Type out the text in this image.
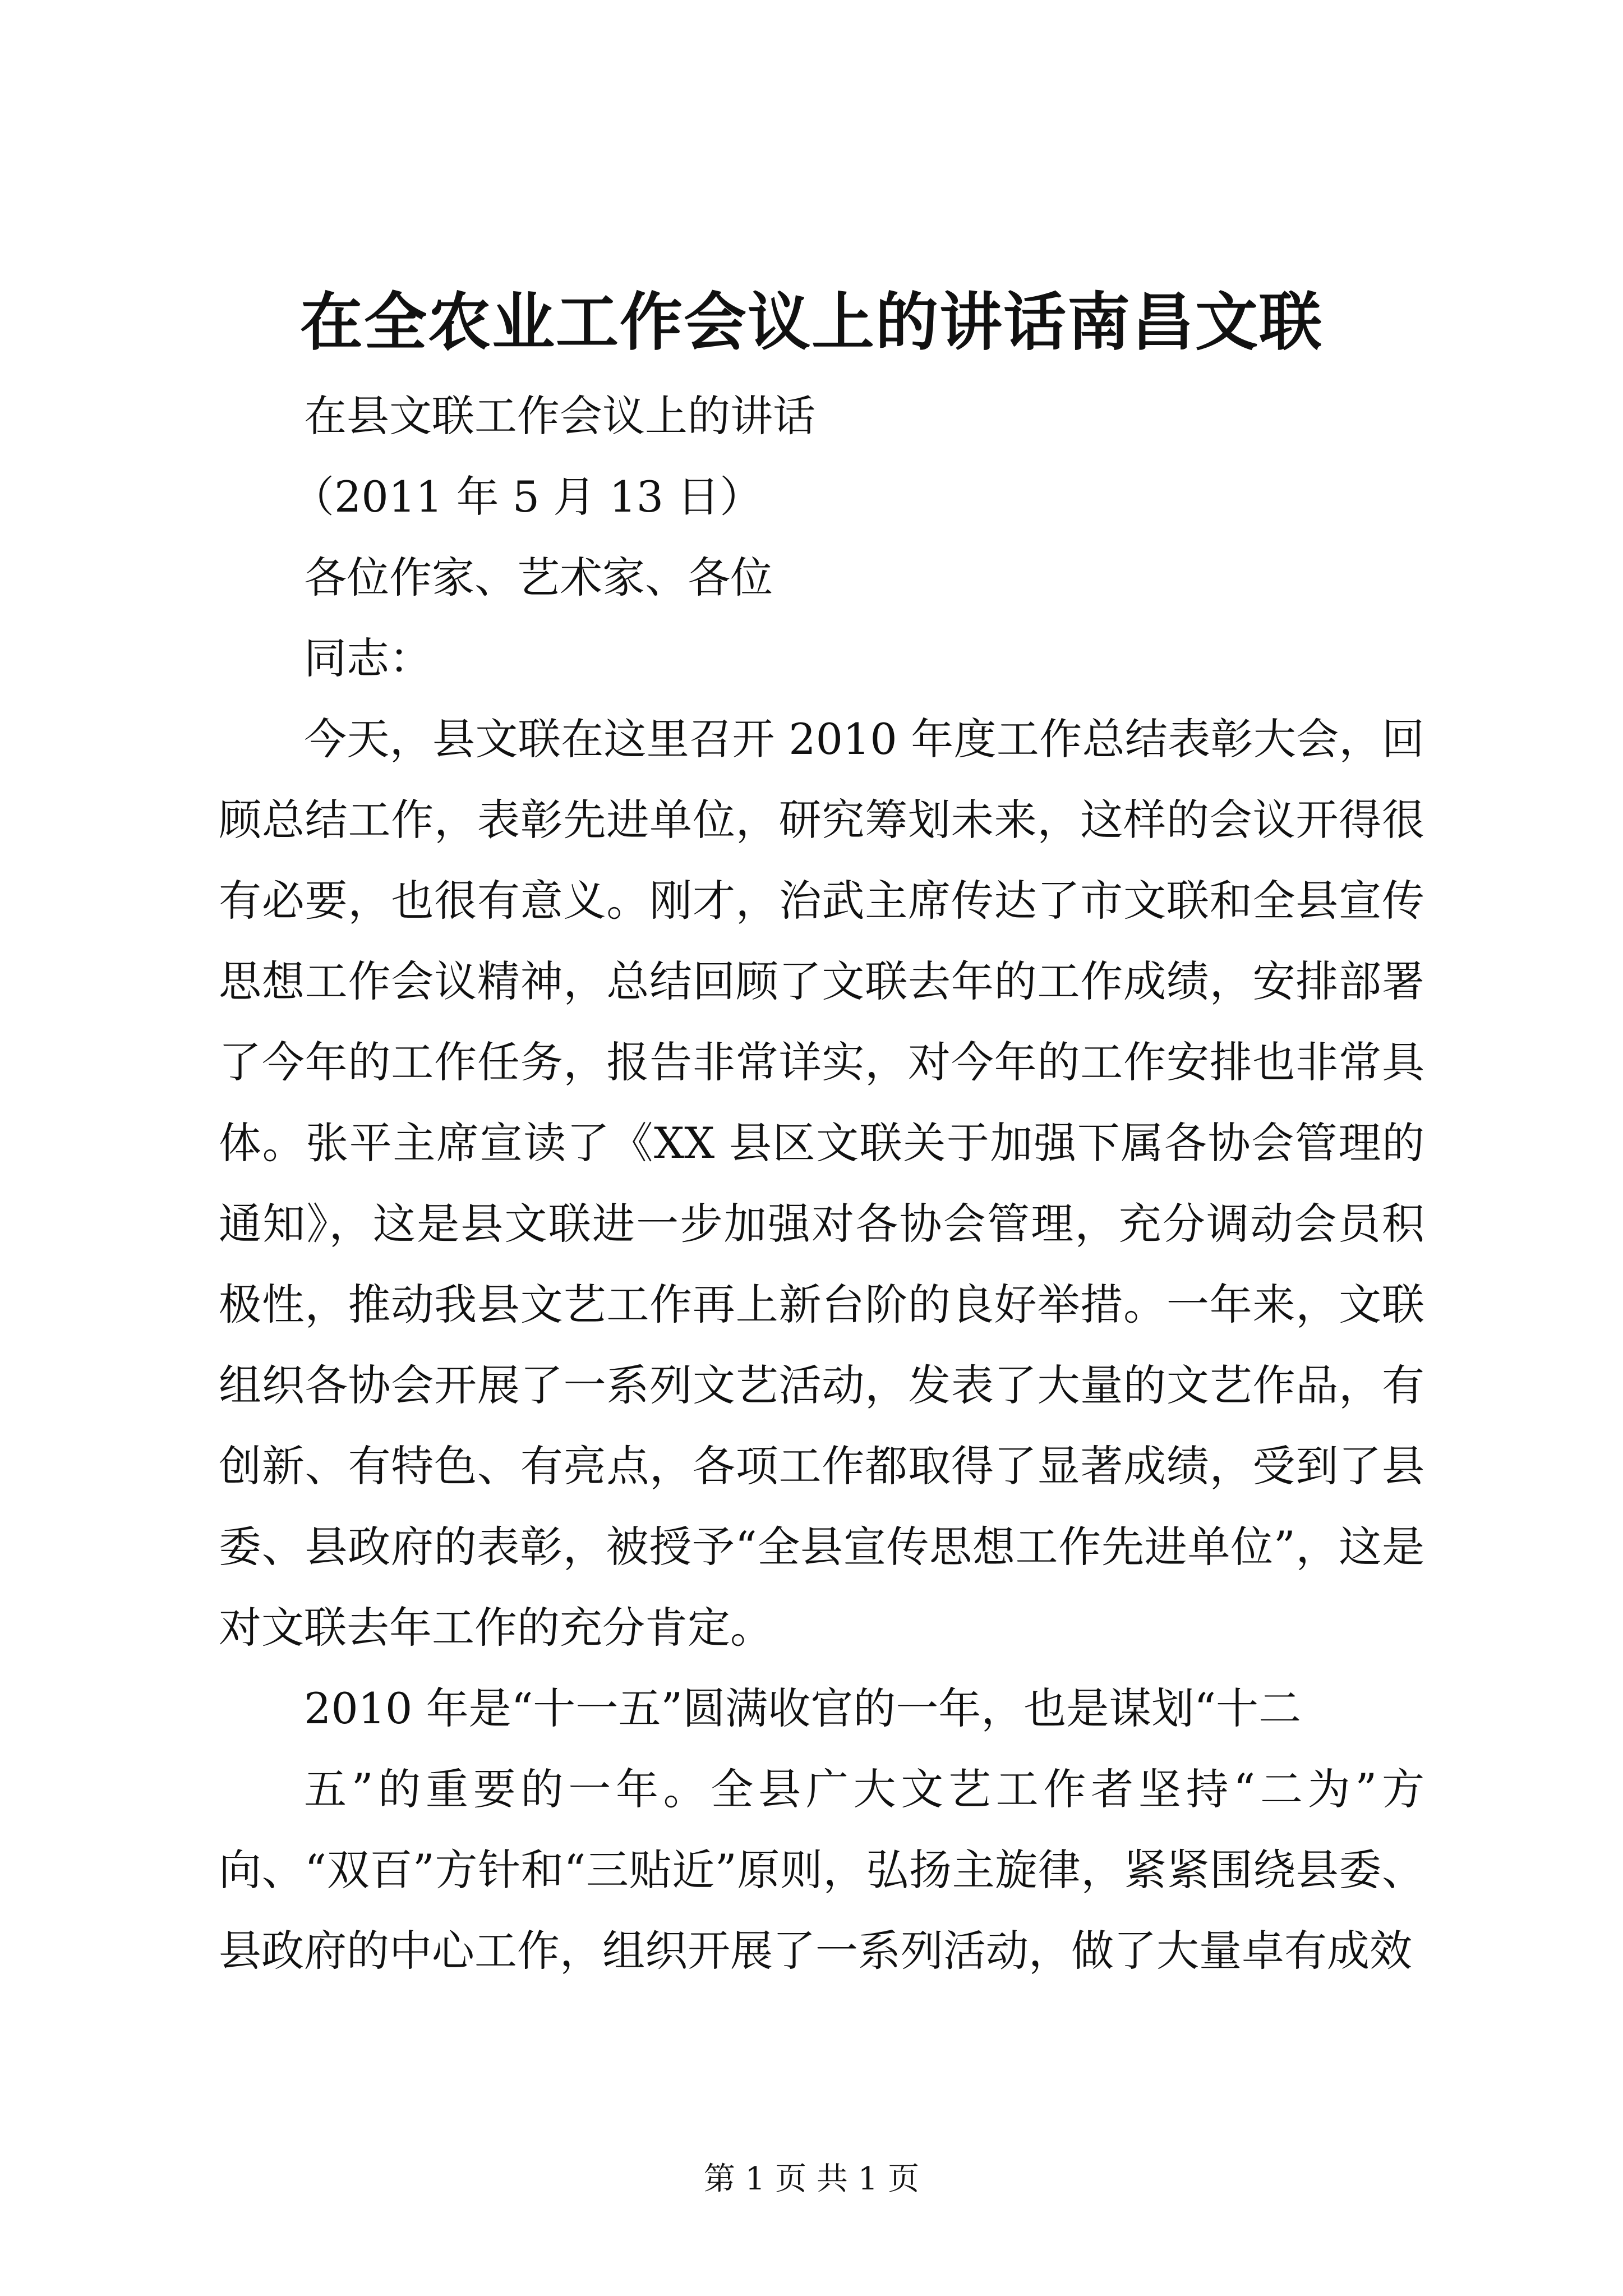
在全农业工作会议上的讲话南昌文联
在县文联工作会议上的讲话
（2011 年 5 月 13 日）
各位作家、艺术家、各位
同志：

今天，县文联在这里召开 2010 年度工作总结表彰大会，回顾总结工作，表彰先进单位，研究筹划未来，这样的会议开得很有必要，也很有意义。刚才，治武主席传达了市文联和全县宣传思想工作会议精神，总结回顾了文联去年的工作成绩，安排部署了今年的工作任务，报告非常详实，对今年的工作安排也非常具体。张平主席宣读了《XX 县区文联关于加强下属各协会管理的通知》，这是县文联进一步加强对各协会管理，充分调动会员积极性，推动我县文艺工作再上新台阶的良好举措。一年来，文联组织各协会开展了一系列文艺活动，发表了大量的文艺作品，有创新、有特色、有亮点，各项工作都取得了显著成绩，受到了县委、县政府的表彰，被授予“全县宣传思想工作先进单位”，这是对文联去年工作的充分肯定。

2010 年是“十一五”圆满收官的一年，也是谋划“十二

五”的重要的一年。全县广大文艺工作者坚持“二为”方向、“双百”方针和“三贴近”原则，弘扬主旋律，紧紧围绕县委、县政府的中心工作，组织开展了一系列活动，做了大量卓有成效

第 1 页 共 1 页
